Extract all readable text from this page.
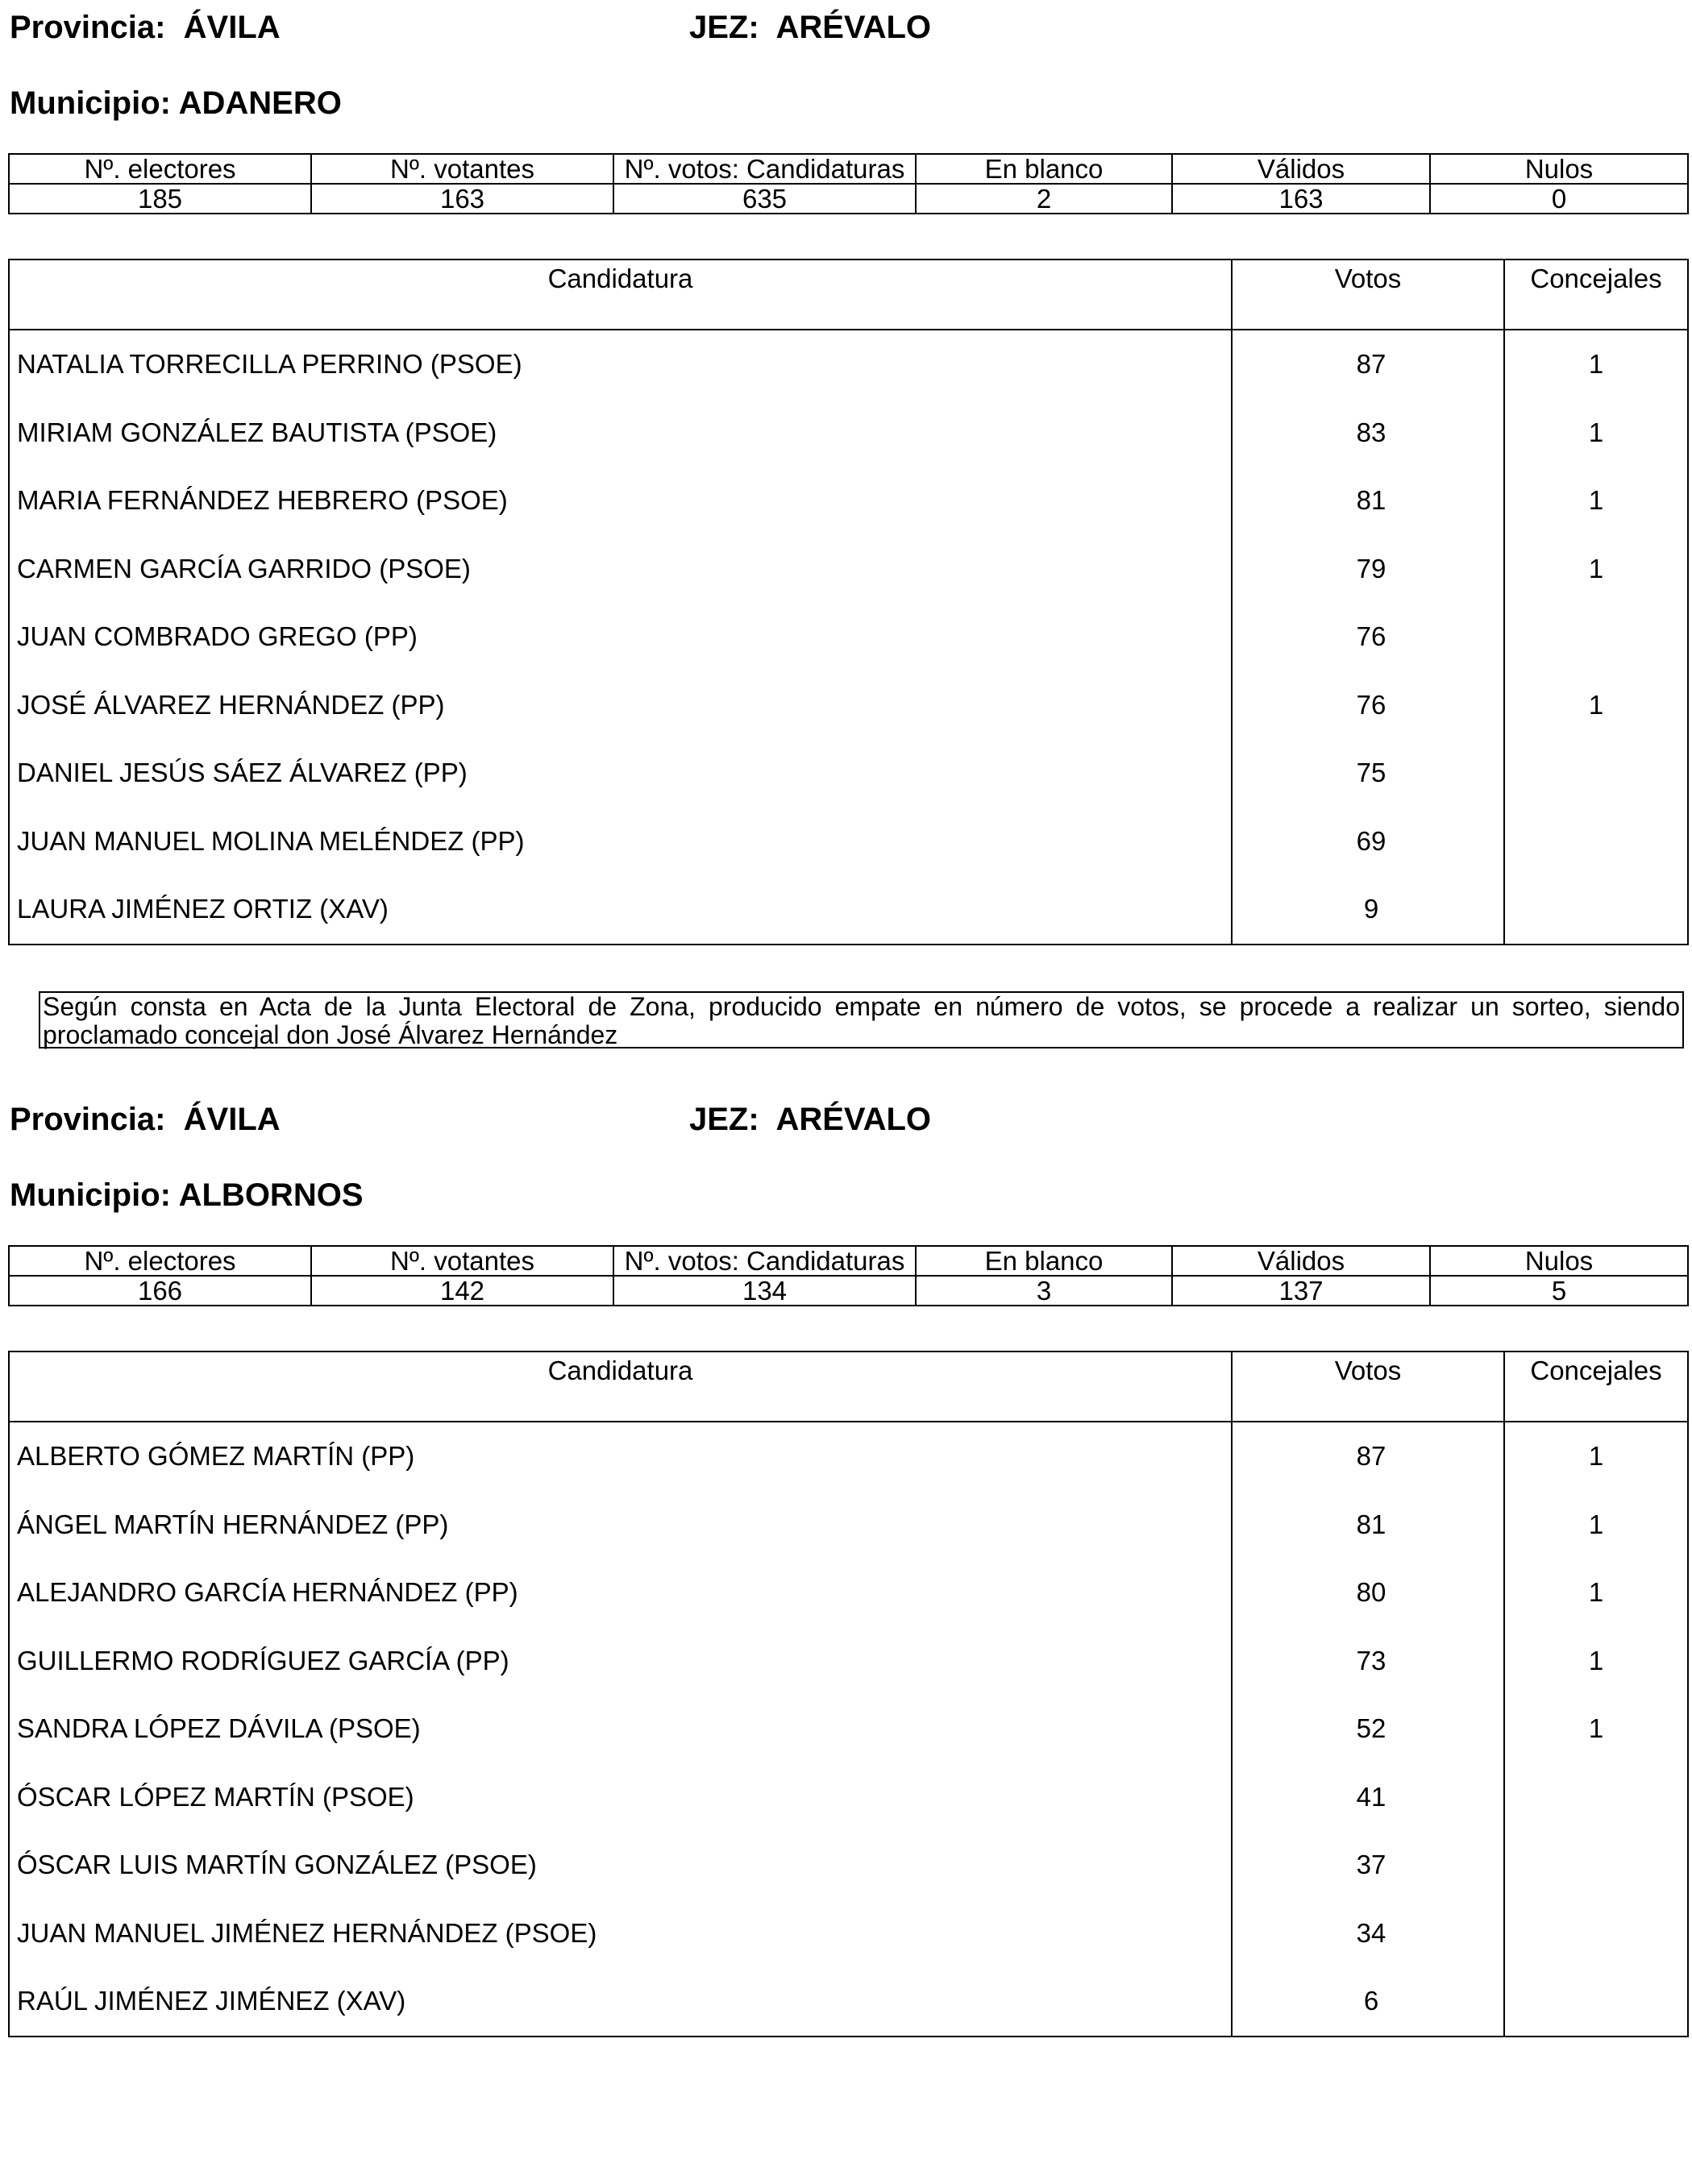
Provincia: ÁVILA	JEZ: ARÉVALO
Municipio: ADANERO
Nº. electores	Nº. votantes	Nº. votos: Candidaturas	En blanco	Válidos	Nulos
185	163	635	2	163	0
Candidatura	Votos	Concejales
NATALIA TORRECILLA PERRINO (PSOE)	87	1
MIRIAM GONZÁLEZ BAUTISTA (PSOE)	83	1
MARIA FERNÁNDEZ HEBRERO (PSOE)	81	1
CARMEN GARCÍA GARRIDO (PSOE)	79	1
JUAN COMBRADO GREGO (PP)	76	
JOSÉ ÁLVAREZ HERNÁNDEZ (PP)	76	1
DANIEL JESÚS SÁEZ ÁLVAREZ (PP)	75	
JUAN MANUEL MOLINA MELÉNDEZ (PP)	69	
LAURA JIMÉNEZ ORTIZ (XAV)	9	
Según consta en Acta de la Junta Electoral de Zona, producido empate en número de votos, se procede a realizar un sorteo, siendo proclamado concejal don José Álvarez Hernández
Provincia: ÁVILA	JEZ: ARÉVALO
Municipio: ALBORNOS
Nº. electores	Nº. votantes	Nº. votos: Candidaturas	En blanco	Válidos	Nulos
166	142	134	3	137	5
Candidatura	Votos	Concejales
ALBERTO GÓMEZ MARTÍN (PP)	87	1
ÁNGEL MARTÍN HERNÁNDEZ (PP)	81	1
ALEJANDRO GARCÍA HERNÁNDEZ (PP)	80	1
GUILLERMO RODRÍGUEZ GARCÍA (PP)	73	1
SANDRA LÓPEZ DÁVILA (PSOE)	52	1
ÓSCAR LÓPEZ MARTÍN (PSOE)	41	
ÓSCAR LUIS MARTÍN GONZÁLEZ (PSOE)	37	
JUAN MANUEL JIMÉNEZ HERNÁNDEZ (PSOE)	34	
RAÚL JIMÉNEZ JIMÉNEZ (XAV)	6	
